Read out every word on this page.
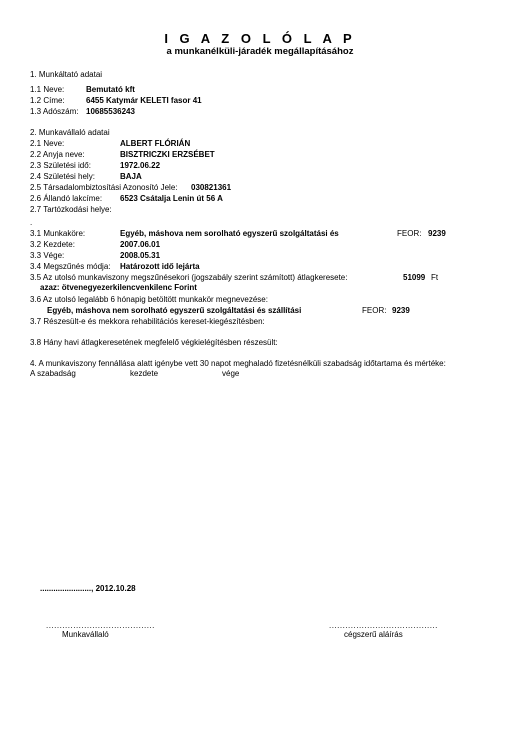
I G A Z O L Ó L A P
a munkanélküli-járadék megállapításához
1. Munkáltató adatai
1.1 Neve:	Bemutató kft
1.2 Címe:	6455 Katymár KELETI fasor 41
1.3 Adószám: 10685536243
2. Munkavállaló adatai
2.1 Neve:	ALBERT FLÓRIÁN
2.2 Anyja neve:	BISZTRICZKI ERZSÉBET
2.3 Születési idő:	1972.06.22
2.4 Születési hely:	BAJA
2.5 Társadalombiztosítási Azonosító Jele: 030821361
2.6 Állandó lakcíme: 6523 Csátalja Lenin út 56 A
2.7 Tartózkodási helye:
.
3.1 Munkaköre:	Egyéb, máshova nem sorolható egyszerű szolgáltatási és	FEOR: 9239
3.2 Kezdete:	2007.06.01
3.3 Vége:	2008.05.31
3.4 Megszűnés módja: Határozott idő lejárta
3.5 Az utolsó munkaviszony megszűnésekori (jogszabály szerint számított) átlagkeresete:	51099 Ft
azaz: ötvenegyezerkilencvenkilenc Forint
3.6 Az utolsó legalább 6 hónapig betöltött munkakör megnevezése:
Egyéb, máshova nem sorolható egyszerű szolgáltatási és szállítási	FEOR: 9239
3.7 Részesült-e és mekkora rehabilitációs kereset-kiegészítésben:
3.8 Hány havi átlagkeresetének megfelelő végkielégítésben részesült:
4. A munkaviszony fennállása alatt igénybe vett 30 napot meghaladó fizetésnélküli szabadság időtartama és mértéke:
A szabadság	kezdete	vége
......................., 2012.10.28
........................................
Munkavállaló
........................................
cégszerű aláírás
